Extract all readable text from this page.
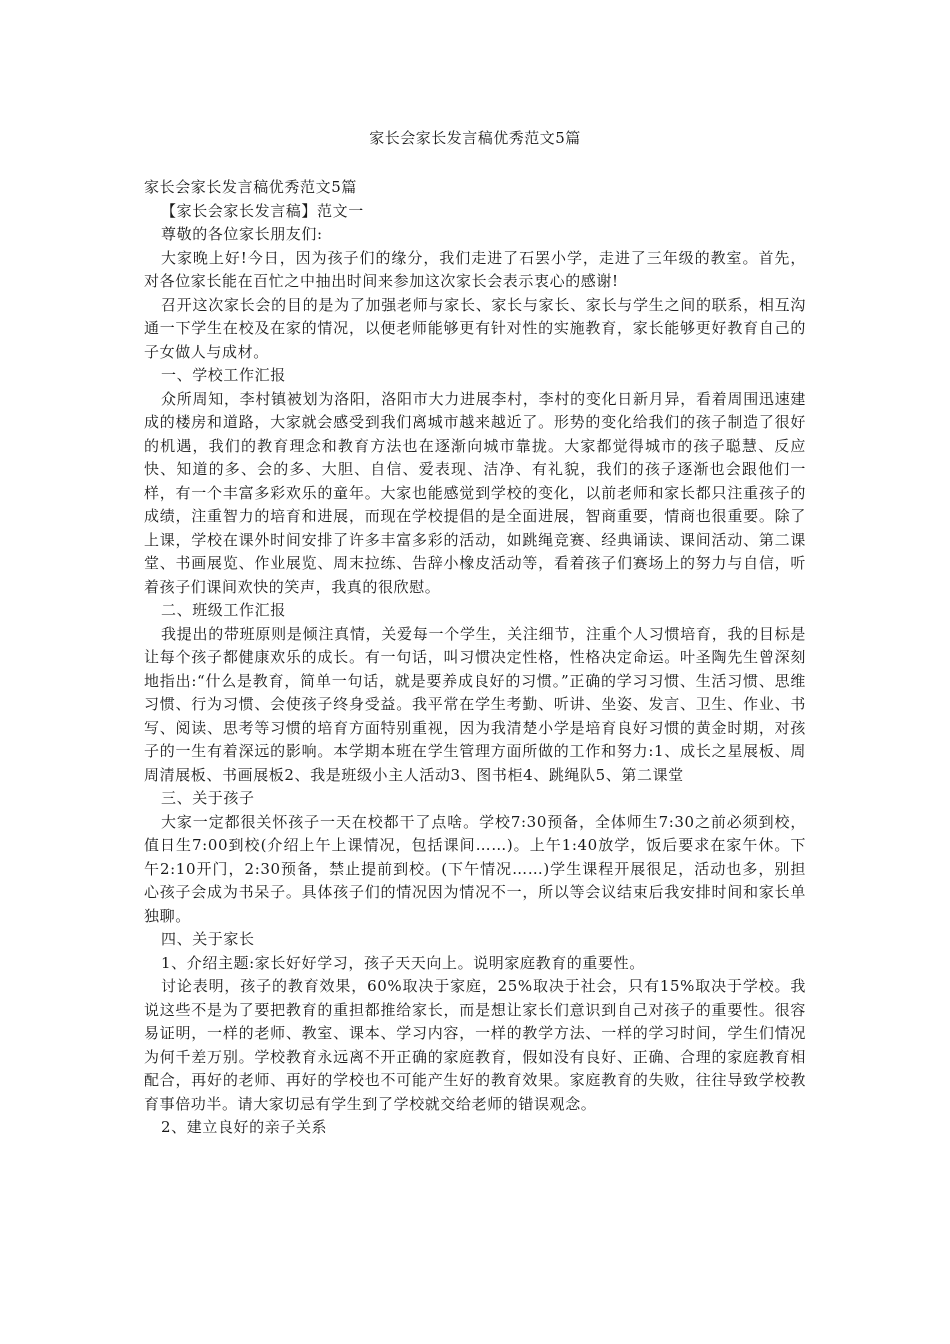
家长会家长发言稿优秀范文5篇

家长会家长发言稿优秀范文5篇

【家长会家长发言稿】范文一

尊敬的各位家长朋友们:

大家晚上好!今日，因为孩子们的缘分，我们走进了石罢小学，走进了三年级的教室。首先，对各位家长能在百忙之中抽出时间来参加这次家长会表示衷心的感谢!

召开这次家长会的目的是为了加强老师与家长、家长与家长、家长与学生之间的联系，相互沟通一下学生在校及在家的情况，以便老师能够更有针对性的实施教育，家长能够更好教育自己的子女做人与成材。

一、学校工作汇报

众所周知，李村镇被划为洛阳，洛阳市大力进展李村，李村的变化日新月异，看着周围迅速建成的楼房和道路，大家就会感受到我们离城市越来越近了。形势的变化给我们的孩子制造了很好的机遇，我们的教育理念和教育方法也在逐渐向城市靠拢。大家都觉得城市的孩子聪慧、反应快、知道的多、会的多、大胆、自信、爱表现、洁净、有礼貌，我们的孩子逐渐也会跟他们一样，有一个丰富多彩欢乐的童年。大家也能感觉到学校的变化，以前老师和家长都只注重孩子的成绩，注重智力的培育和进展，而现在学校提倡的是全面进展，智商重要，情商也很重要。除了上课，学校在课外时间安排了许多丰富多彩的活动，如跳绳竞赛、经典诵读、课间活动、第二课堂、书画展览、作业展览、周末拉练、告辞小橡皮活动等，看着孩子们赛场上的努力与自信，听着孩子们课间欢快的笑声，我真的很欣慰。

二、班级工作汇报

我提出的带班原则是倾注真情，关爱每一个学生，关注细节，注重个人习惯培育，我的目标是让每个孩子都健康欢乐的成长。有一句话，叫习惯决定性格，性格决定命运。叶圣陶先生曾深刻地指出:“什么是教育，简单一句话，就是要养成良好的习惯。”正确的学习习惯、生活习惯、思维习惯、行为习惯、会使孩子终身受益。我平常在学生考勤、听讲、坐姿、发言、卫生、作业、书写、阅读、思考等习惯的培育方面特别重视，因为我清楚小学是培育良好习惯的黄金时期，对孩子的一生有着深远的影响。本学期本班在学生管理方面所做的工作和努力:1、成长之星展板、周周清展板、书画展板2、我是班级小主人活动3、图书柜4、跳绳队5、第二课堂

三、关于孩子

大家一定都很关怀孩子一天在校都干了点啥。学校7:30预备，全体师生7:30之前必须到校，值日生7:00到校(介绍上午上课情况，包括课间……)。上午1:40放学，饭后要求在家午休。下午2:10开门，2:30预备，禁止提前到校。(下午情况……)学生课程开展很足，活动也多，别担心孩子会成为书呆子。具体孩子们的情况因为情况不一，所以等会议结束后我安排时间和家长单独聊。

四、关于家长

1、介绍主题:家长好好学习，孩子天天向上。说明家庭教育的重要性。

讨论表明，孩子的教育效果，60%取决于家庭，25%取决于社会，只有15%取决于学校。我说这些不是为了要把教育的重担都推给家长，而是想让家长们意识到自己对孩子的重要性。很容易证明，一样的老师、教室、课本、学习内容，一样的教学方法、一样的学习时间，学生们情况为何千差万别。学校教育永远离不开正确的家庭教育，假如没有良好、正确、合理的家庭教育相配合，再好的老师、再好的学校也不可能产生好的教育效果。家庭教育的失败，往往导致学校教育事倍功半。请大家切忌有学生到了学校就交给老师的错误观念。

2、建立良好的亲子关系
